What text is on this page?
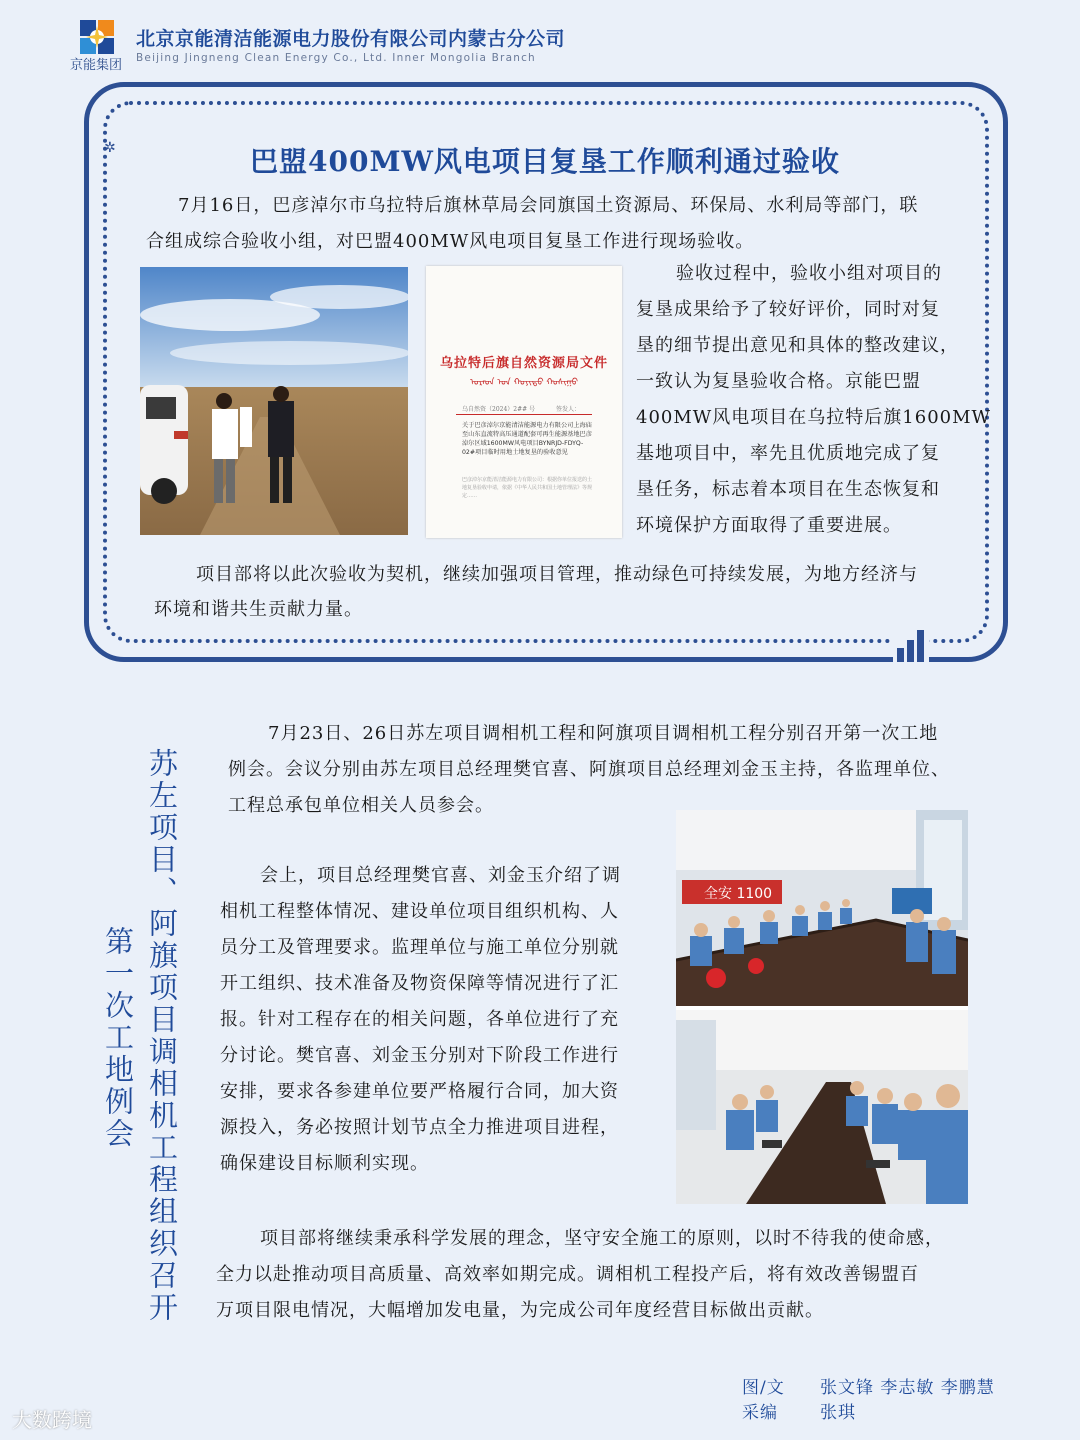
京能集团
北京京能清洁能源电力股份有限公司内蒙古分公司
Beijing Jingneng Clean Energy Co., Ltd. Inner Mongolia Branch
✲	巴盟400MW风电项目复垦工作顺利通过验收
7月16日，巴彦淖尔市乌拉特后旗林草局会同旗国土资源局、环保局、水利局等部门，联
合组成综合验收小组，对巴盟400MW风电项目复垦工作进行现场验收。
乌拉特后旗自然资源局文件
ᠤᠷᠠᠳ ᠤᠨ ᠬᠣᠶᠢᠲᠤ ᠬᠣᠰᠢᠭᠤ
乌自然资（2024）2## 号	签发人：
关于巴彦淖尔京能清洁能源电力有限公司上海庙至山东直流特高压通道配套可再生能源基地巴彦淖尔区域1600MW风电项目BYNRJD-FDYQ-02#项目临时用地土地复垦的验收意见
巴彦淖尔京能清洁能源电力有限公司：根据你单位报送的土地复垦验收申请，依据《中华人民共和国土地管理法》等规定……
验收过程中，验收小组对项目的
复垦成果给予了较好评价，同时对复
垦的细节提出意见和具体的整改建议，
一致认为复垦验收合格。京能巴盟
400MW风电项目在乌拉特后旗1600MW
基地项目中，率先且优质地完成了复
垦任务，标志着本项目在生态恢复和
环境保护方面取得了重要进展。
项目部将以此次验收为契机，继续加强项目管理，推动绿色可持续发展，为地方经济与
环境和谐共生贡献力量。
苏左项目、阿旗项目调相机工程组织召开
第一次工地例会
7月23日、26日苏左项目调相机工程和阿旗项目调相机工程分别召开第一次工地
例会。会议分别由苏左项目总经理樊官喜、阿旗项目总经理刘金玉主持，各监理单位、
工程总承包单位相关人员参会。
会上，项目总经理樊官喜、刘金玉介绍了调
相机工程整体情况、建设单位项目组织机构、人
员分工及管理要求。监理单位与施工单位分别就
开工组织、技术准备及物资保障等情况进行了汇
报。针对工程存在的相关问题，各单位进行了充
分讨论。樊官喜、刘金玉分别对下阶段工作进行
安排，要求各参建单位要严格履行合同，加大资
源投入，务必按照计划节点全力推进项目进程，
确保建设目标顺利实现。
全安 1100
项目部将继续秉承科学发展的理念，坚守安全施工的原则，以时不待我的使命感，
全力以赴推动项目高质量、高效率如期完成。调相机工程投产后，将有效改善锡盟百
万项目限电情况，大幅增加发电量，为完成公司年度经营目标做出贡献。
图/文
采编
张文锋 李志敏 李鹏慧
张琪
大数跨境
